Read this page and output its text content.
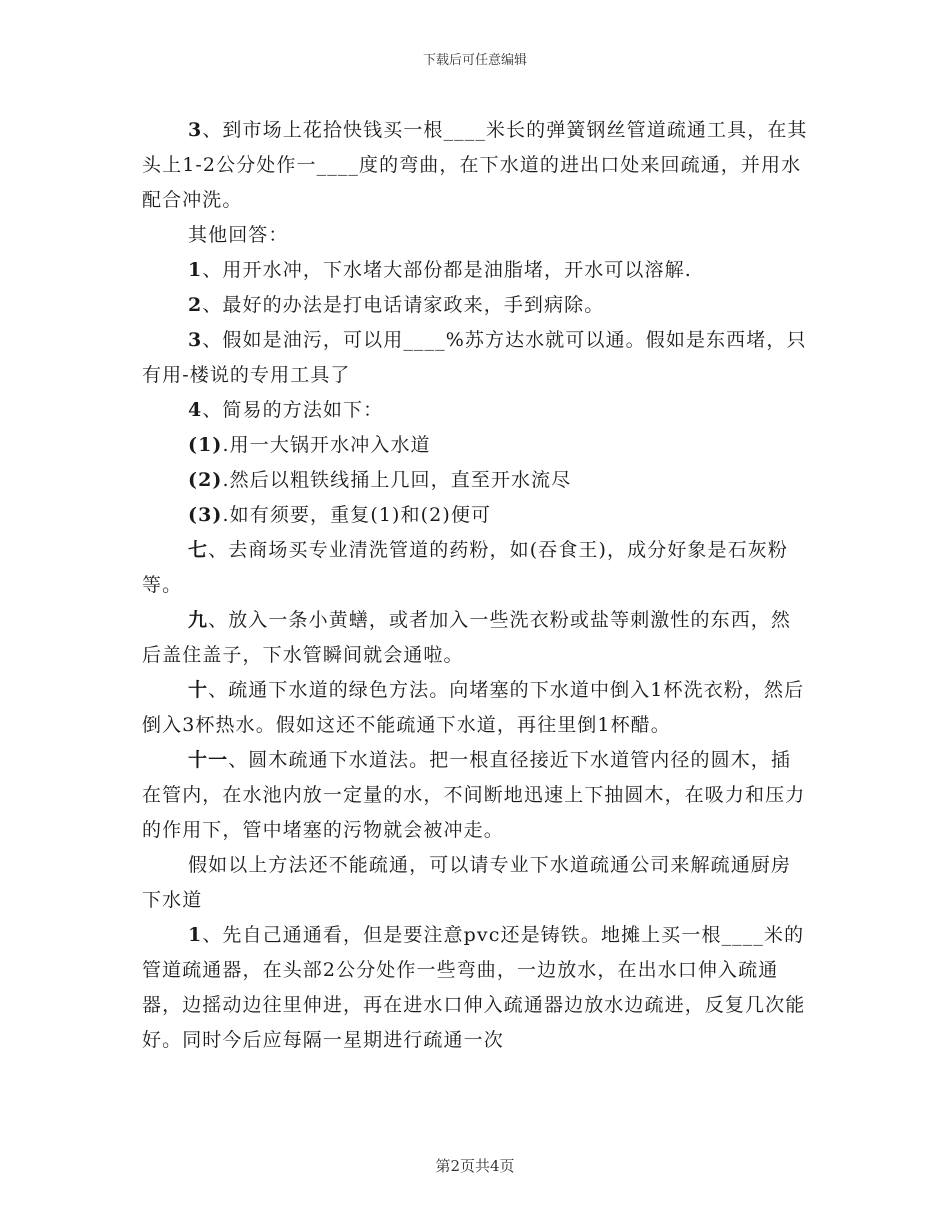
下载后可任意编辑

3、到市场上花拾快钱买一根____米长的弹簧钢丝管道疏通工具，在其头上1-2公分处作一____度的弯曲，在下水道的进出口处来回疏通，并用水配合冲洗。

其他回答：

1、用开水冲，下水堵大部份都是油脂堵，开水可以溶解.

2、最好的办法是打电话请家政来，手到病除。

3、假如是油污，可以用____%苏方达水就可以通。假如是东西堵，只有用-楼说的专用工具了

4、简易的方法如下：

(1).用一大锅开水冲入水道

(2).然后以粗铁线捅上几回，直至开水流尽

(3).如有须要，重复(1)和(2)便可

七、去商场买专业清洗管道的药粉，如(吞食王)，成分好象是石灰粉等。

九、放入一条小黄蟮，或者加入一些洗衣粉或盐等刺激性的东西，然后盖住盖子，下水管瞬间就会通啦。

十、疏通下水道的绿色方法。向堵塞的下水道中倒入1杯洗衣粉，然后倒入3杯热水。假如这还不能疏通下水道，再往里倒1杯醋。

十一、圆木疏通下水道法。把一根直径接近下水道管内径的圆木，插在管内，在水池内放一定量的水，不间断地迅速上下抽圆木，在吸力和压力的作用下，管中堵塞的污物就会被冲走。

假如以上方法还不能疏通，可以请专业下水道疏通公司来解疏通厨房下水道

1、先自己通通看，但是要注意pvc还是铸铁。地摊上买一根____米的管道疏通器，在头部2公分处作一些弯曲，一边放水，在出水口伸入疏通器，边摇动边往里伸进，再在进水口伸入疏通器边放水边疏进，反复几次能好。同时今后应每隔一星期进行疏通一次

第2页共4页
